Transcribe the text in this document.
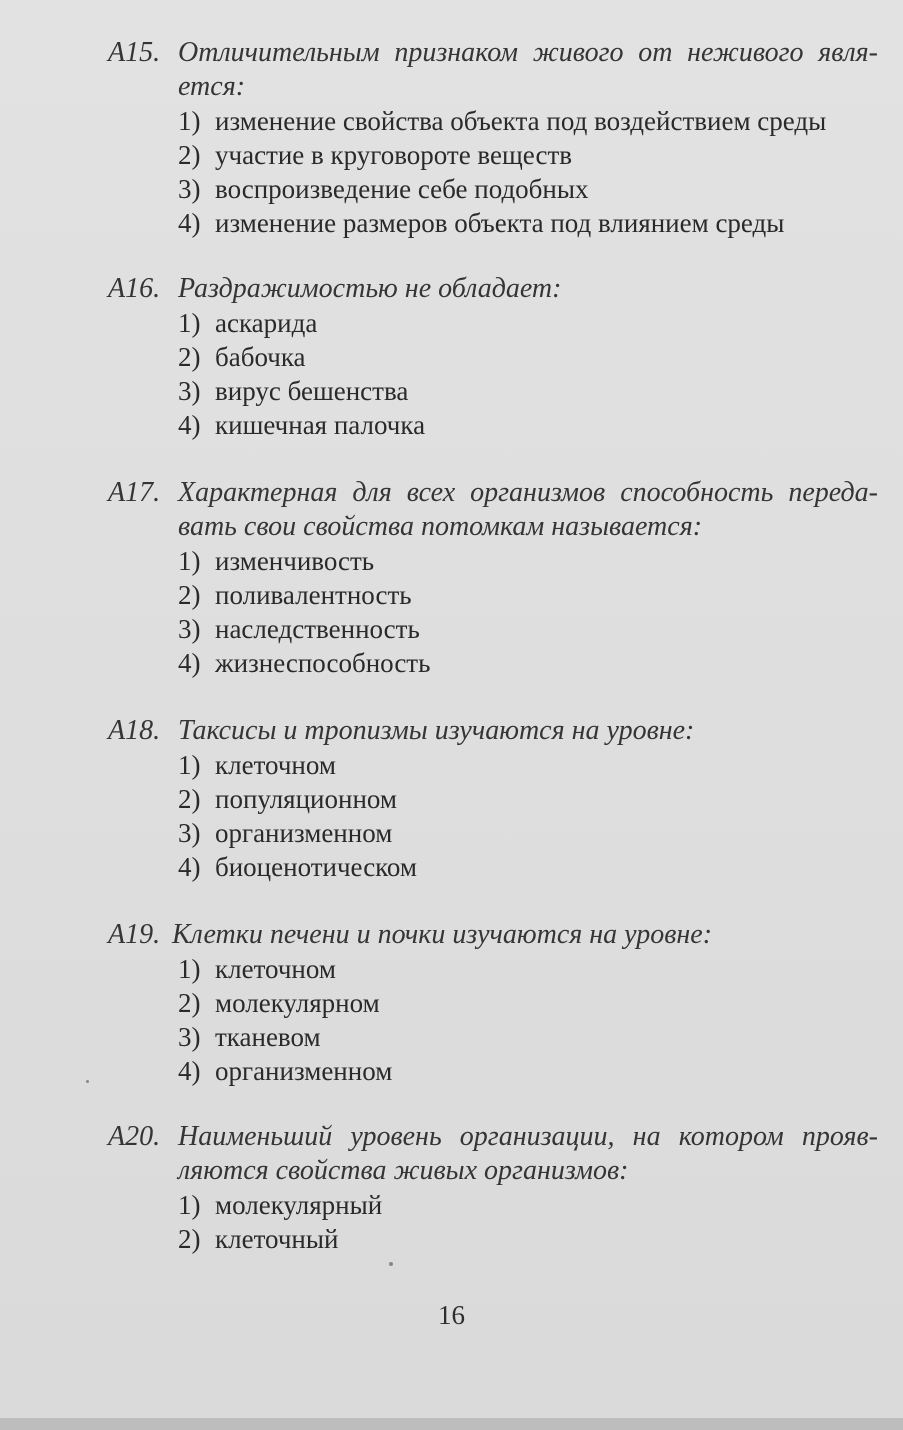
А15. Отличительным признаком живого от неживого явля-
ется:
1) изменение свойства объекта под воздействием среды
2) участие в круговороте веществ
3) воспроизведение себе подобных
4) изменение размеров объекта под влиянием среды
А16. Раздражимостью не обладает:
1) аскарида
2) бабочка
3) вирус бешенства
4) кишечная палочка
А17. Характерная для всех организмов способность переда-
вать свои свойства потомкам называется:
1) изменчивость
2) поливалентность
3) наследственность
4) жизнеспособность
А18. Таксисы и тропизмы изучаются на уровне:
1) клеточном
2) популяционном
3) организменном
4) биоценотическом
А19. Клетки печени и почки изучаются на уровне:
1) клеточном
2) молекулярном
3) тканевом
4) организменном
А20. Наименьший уровень организации, на котором прояв-
ляются свойства живых организмов:
1) молекулярный
2) клеточный
16
